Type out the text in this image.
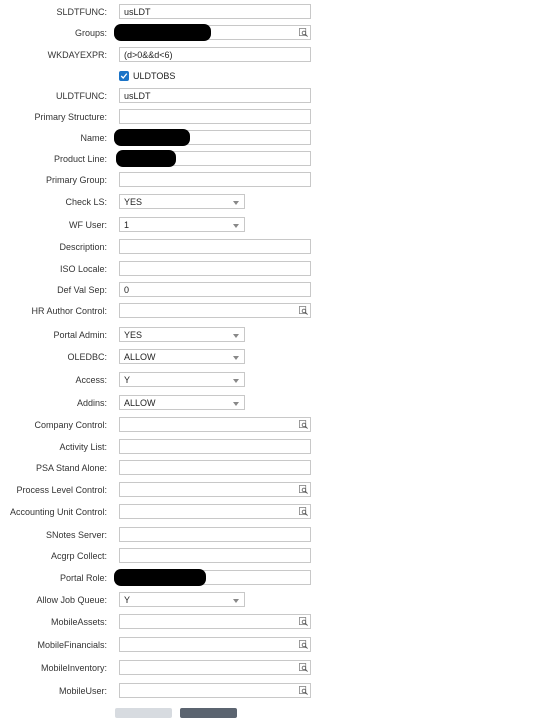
SLDTFUNC:	usLDT
Groups:
WKDAYEXPR:	(d>0&&d<6)
ULDTOBS
ULDTFUNC:	usLDT
Primary Structure:
Name:
Product Line:
Primary Group:
Check LS:	YES
WF User:	1
Description:
ISO Locale:
Def Val Sep:	0
HR Author Control:
Portal Admin:	YES
OLEDBC:	ALLOW
Access:	Y
Addins:	ALLOW
Company Control:
Activity List:
PSA Stand Alone:
Process Level Control:
Accounting Unit Control:
SNotes Server:
Acgrp Collect:
Portal Role:
Allow Job Queue:	Y
MobileAssets:
MobileFinancials:
MobileInventory:
MobileUser:
